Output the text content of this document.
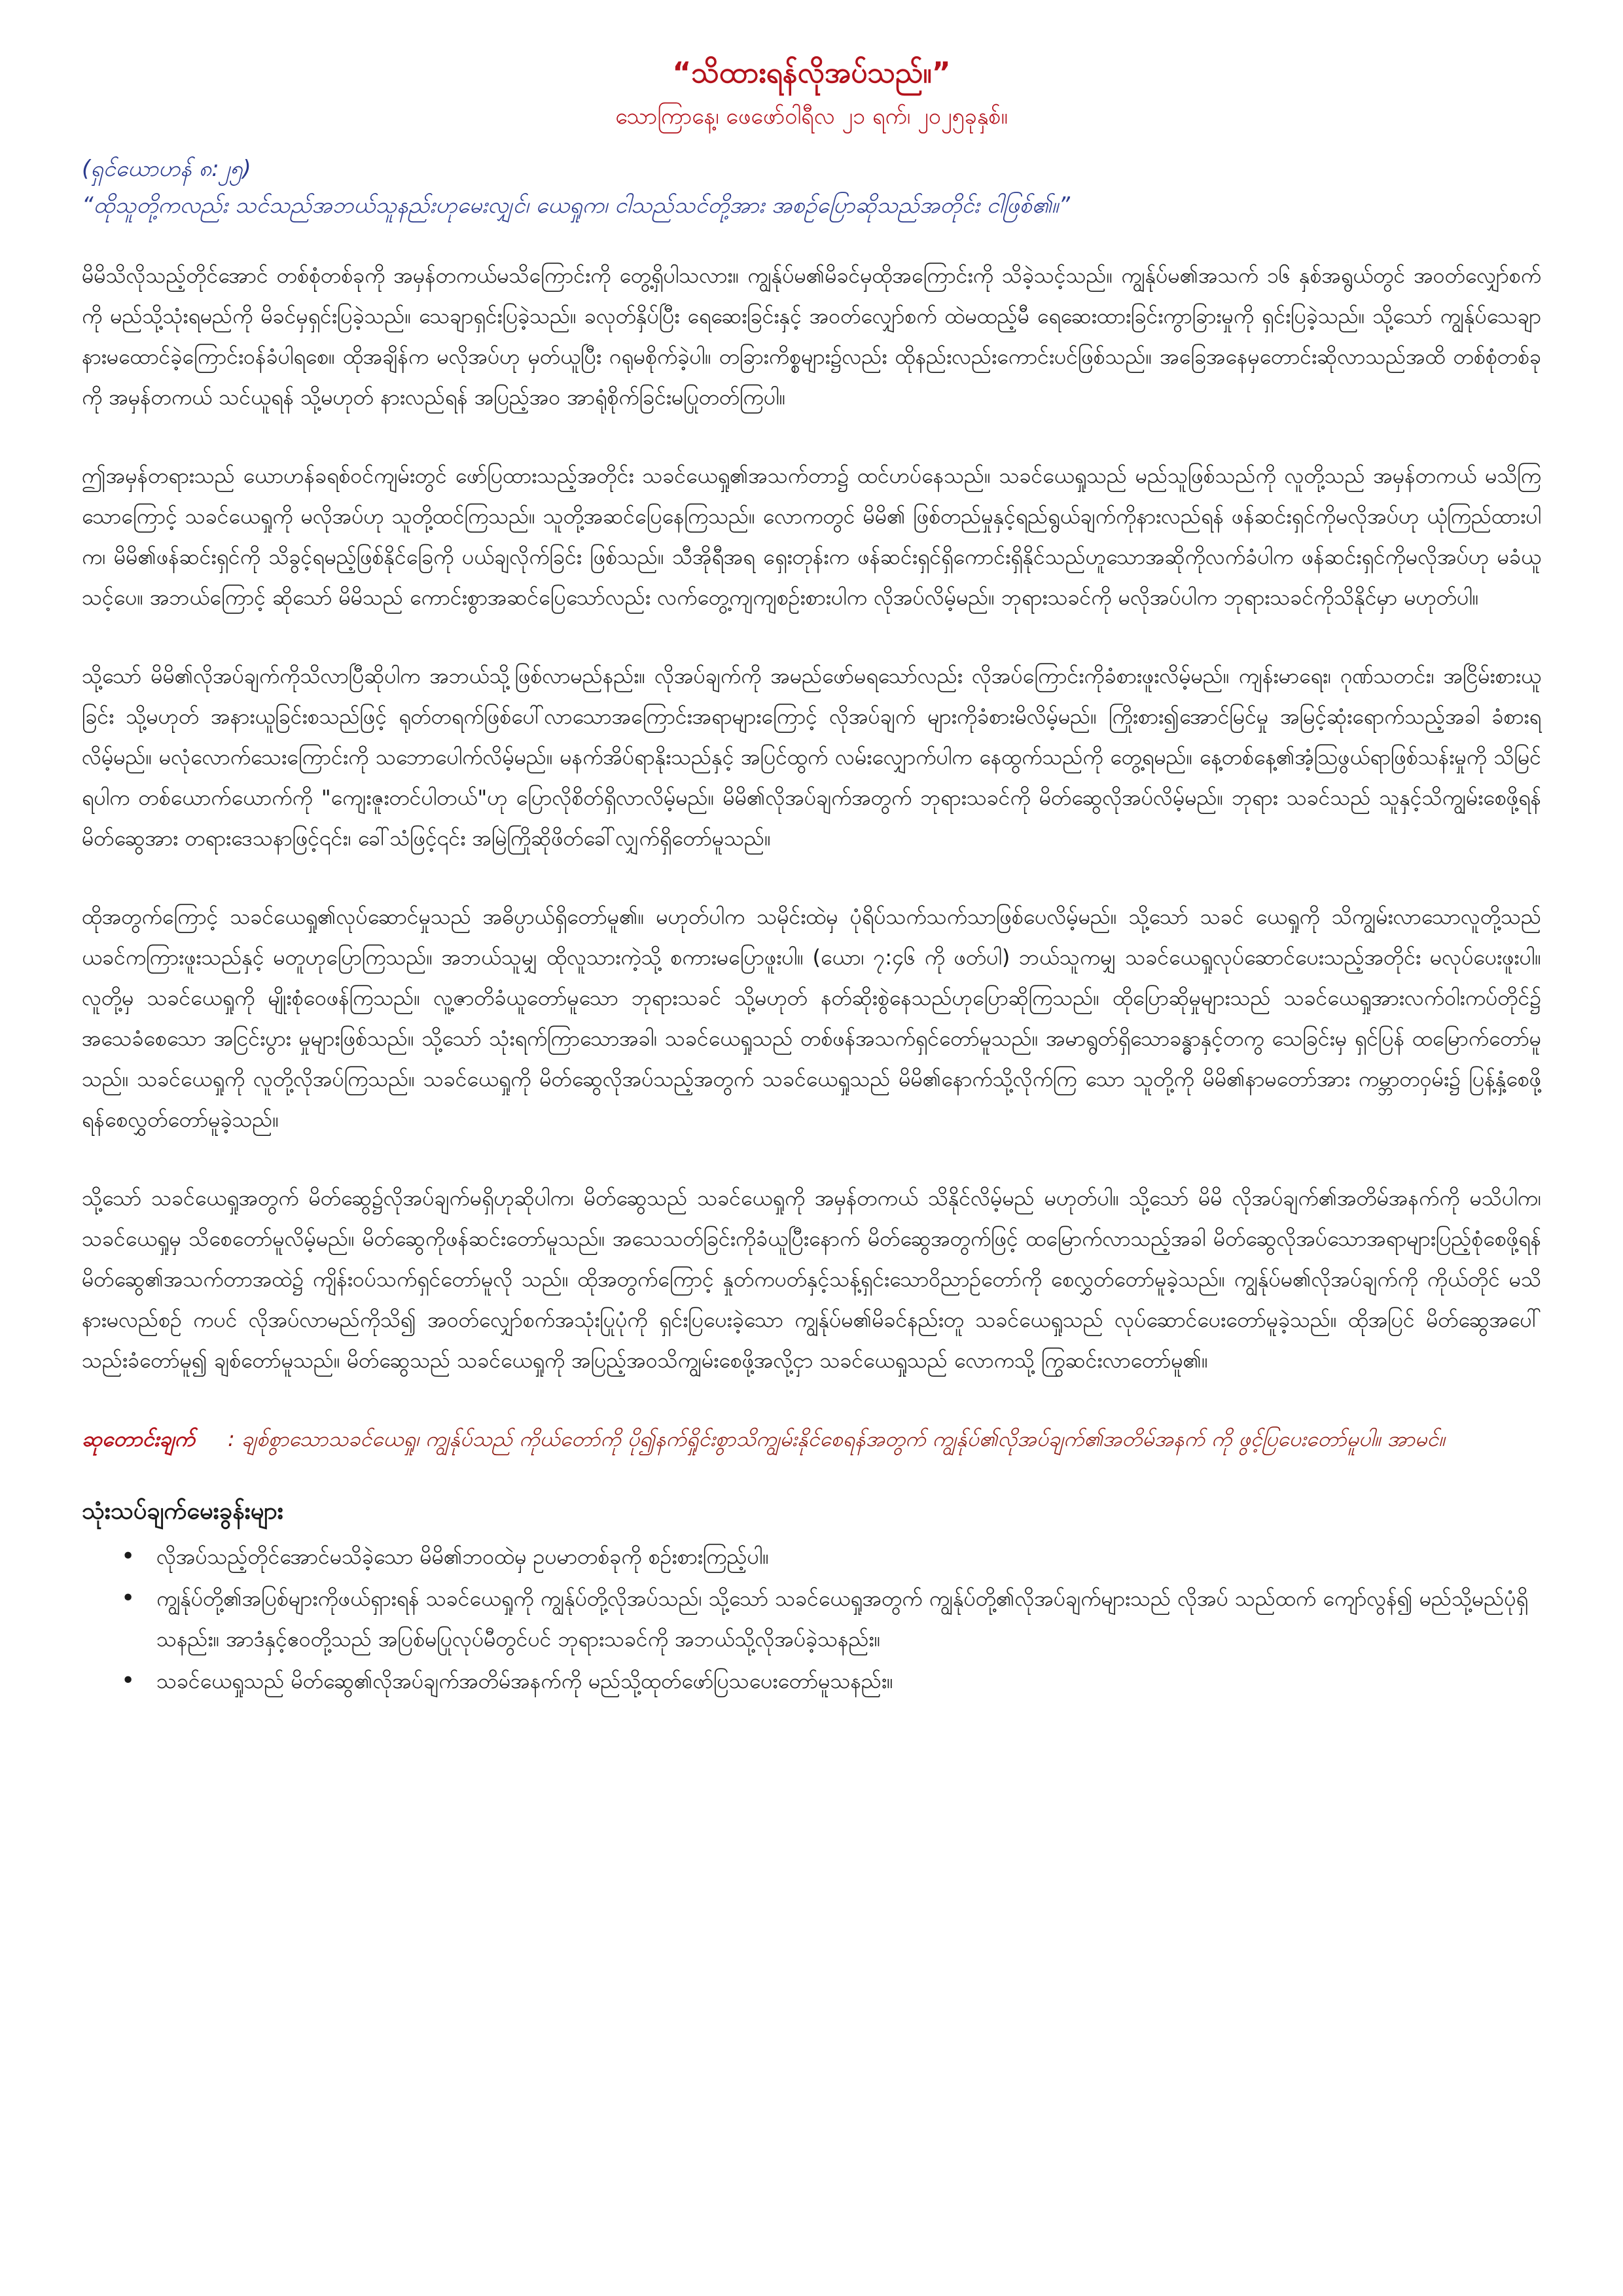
“သိထားရန်လိုအပ်သည်။”

သောကြာနေ့၊ ဖေဖော်ဝါရီလ ၂၁ ရက်၊ ၂၀၂၅ခုနှစ်။

(ရှင်ယောဟန် ၈:၂၅)

“ထိုသူတို့ကလည်း သင်သည်အဘယ်သူနည်းဟုမေးလျှင်၊ ယေရှုက၊ ငါသည်သင်တို့အား အစဉ်ပြောဆိုသည်အတိုင်း ငါဖြစ်၏။”

မိမိသိလိုသည့်တိုင်အောင် တစ်စုံတစ်ခုကို အမှန်တကယ်မသိကြောင်းကို တွေ့ရှိပါသလား။ ကျွန်ုပ်မ၏မိခင်မှထိုအကြောင်းကို သိခဲ့သင့်သည်။ ကျွန်ုပ်မ၏အသက် ၁၆ နှစ်အရွယ်တွင် အဝတ်လျှော်စက်ကို မည်သို့သုံးရမည်ကို မိခင်မှရှင်းပြခဲ့သည်။ သေချာရှင်းပြခဲ့သည်။ ခလုတ်နှိပ်ပြီး ရေဆေးခြင်းနှင့် အဝတ်လျှော်စက် ထဲမထည့်မီ ရေဆေးထားခြင်းကွာခြားမှုကို ရှင်းပြခဲ့သည်။ သို့သော် ကျွန်ုပ်သေချာနားမထောင်ခဲ့ကြောင်းဝန်ခံပါရစေ။ ထိုအချိန်က မလိုအပ်ဟု မှတ်ယူပြီး ဂရုမစိုက်ခဲ့ပါ။ တခြားကိစ္စများ၌လည်း ထိုနည်းလည်းကောင်းပင်ဖြစ်သည်။ အခြေအနေမှတောင်းဆိုလာသည်အထိ တစ်စုံတစ်ခုကို အမှန်တကယ် သင်ယူရန် သို့မဟုတ် နားလည်ရန် အပြည့်အဝ အာရုံစိုက်ခြင်းမပြုတတ်ကြပါ။

ဤအမှန်တရားသည် ယောဟန်ခရစ်ဝင်ကျမ်းတွင် ဖော်ပြထားသည့်အတိုင်း သခင်ယေရှု၏အသက်တာ၌ ထင်ဟပ်နေသည်။ သခင်ယေရှုသည် မည်သူဖြစ်သည်ကို လူတို့သည် အမှန်တကယ် မသိကြသောကြောင့် သခင်ယေရှုကို မလိုအပ်ဟု သူတို့ထင်ကြသည်။ သူတို့အဆင်ပြေနေကြသည်။ လောကတွင် မိမိ၏ ဖြစ်တည်မှုနှင့်ရည်ရွယ်ချက်ကိုနားလည်ရန် ဖန်ဆင်းရှင်ကိုမလိုအပ်ဟု ယုံကြည်ထားပါက၊ မိမိ၏ဖန်ဆင်းရှင်ကို သိခွင့်ရမည့်ဖြစ်နိုင်ခြေကို ပယ်ချလိုက်ခြင်း ဖြစ်သည်။ သီအိုရီအရ ရှေးတုန်းက ဖန်ဆင်းရှင်ရှိကောင်းရှိနိုင်သည်ဟူသောအဆိုကိုလက်ခံပါက ဖန်ဆင်းရှင်ကိုမလိုအပ်ဟု မခံယူသင့်ပေ။ အဘယ်ကြောင့် ဆိုသော် မိမိသည် ကောင်းစွာအဆင်ပြေသော်လည်း လက်တွေ့ကျကျစဉ်းစားပါက လိုအပ်လိမ့်မည်။ ဘုရားသခင်ကို မလိုအပ်ပါက ဘုရားသခင်ကိုသိနိုင်မှာ မဟုတ်ပါ။

သို့သော် မိမိ၏လိုအပ်ချက်ကိုသိလာပြီဆိုပါက အဘယ်သို့ဖြစ်လာမည်နည်း။ လိုအပ်ချက်ကို အမည်ဖော်မရသော်လည်း လိုအပ်ကြောင်းကိုခံစားဖူးလိမ့်မည်။ ကျန်းမာရေး၊ ဂုဏ်သတင်း၊ အငြိမ်းစားယူခြင်း သို့မဟုတ် အနားယူခြင်းစသည်ဖြင့် ရုတ်တရက်ဖြစ်ပေါ်လာသောအကြောင်းအရာများကြောင့် လိုအပ်ချက် များကိုခံစားမိလိမ့်မည်။ ကြိုးစား၍အောင်မြင်မှု အမြင့်ဆုံးရောက်သည့်အခါ ခံစားရလိမ့်မည်။ မလုံလောက်သေးကြောင်းကို သဘောပေါက်လိမ့်မည်။ မနက်အိပ်ရာနိုးသည်နှင့် အပြင်ထွက် လမ်းလျှောက်ပါက နေထွက်သည်ကို တွေ့ရမည်။ နေ့တစ်နေ့၏အံ့သြဖွယ်ရာဖြစ်သန်းမှုကို သိမြင်ရပါက တစ်ယောက်ယောက်ကို "ကျေးဇူးတင်ပါတယ်"ဟု ပြောလိုစိတ်ရှိလာလိမ့်မည်။ မိမိ၏လိုအပ်ချက်အတွက် ဘုရားသခင်ကို မိတ်ဆွေလိုအပ်လိမ့်မည်။ ဘုရား သခင်သည် သူနှင့်သိကျွမ်းစေဖို့ရန် မိတ်ဆွေအား တရားဒေသနာဖြင့်၎င်း၊ ခေါ်သံဖြင့်၎င်း အမြဲကြိုဆိုဖိတ်ခေါ်လျှက်ရှိတော်မူသည်။

ထိုအတွက်ကြောင့် သခင်ယေရှု၏လုပ်ဆောင်မှုသည် အဓိပ္ပာယ်ရှိတော်မူ၏။ မဟုတ်ပါက သမိုင်းထဲမှ ပုံရိပ်သက်သက်သာဖြစ်ပေလိမ့်မည်။ သို့သော် သခင် ယေရှုကို သိကျွမ်းလာသောလူတို့သည် ယခင်ကကြားဖူးသည်နှင့် မတူဟုပြောကြသည်။ အဘယ်သူမျှ ထိုလူသားကဲ့သို့ စကားမပြောဖူးပါ။ (ယော၊ ၇:၄၆ ကို ဖတ်ပါ) ဘယ်သူကမျှ သခင်ယေရှုလုပ်ဆောင်ပေးသည့်အတိုင်း မလုပ်ပေးဖူးပါ။ လူတို့မှ သခင်ယေရှုကို မျိုးစုံဝေဖန်ကြသည်။ လူ့ဇာတိခံယူတော်မူသော ဘုရားသခင် သို့မဟုတ် နတ်ဆိုးစွဲနေသည်ဟုပြောဆိုကြသည်။ ထိုပြောဆိုမှုများသည် သခင်ယေရှုအားလက်ဝါးကပ်တိုင်၌ အသေခံစေသော အငြင်းပွား မှုများဖြစ်သည်။ သို့သော် သုံးရက်ကြာသောအခါ၊ သခင်ယေရှုသည် တစ်ဖန်အသက်ရှင်တော်မူသည်။ အမာရွတ်ရှိသောခန္ဓာနှင့်တကွ သေခြင်းမှ ရှင်ပြန် ထမြောက်တော်မူသည်။ သခင်ယေရှုကို လူတို့လိုအပ်ကြသည်။ သခင်ယေရှုကို မိတ်ဆွေလိုအပ်သည့်အတွက် သခင်ယေရှုသည် မိမိ၏နောက်သို့လိုက်ကြ သော သူတို့ကို မိမိ၏နာမတော်အား ကမ္ဘာတဝှမ်း၌ ပြန့်နှံ့စေဖို့ရန်စေလွှတ်တော်မူခဲ့သည်။

သို့သော် သခင်ယေရှုအတွက် မိတ်ဆွေ၌လိုအပ်ချက်မရှိဟုဆိုပါက၊ မိတ်ဆွေသည် သခင်ယေရှုကို အမှန်တကယ် သိနိုင်လိမ့်မည် မဟုတ်ပါ။ သို့သော် မိမိ လိုအပ်ချက်၏အတိမ်အနက်ကို မသိပါက၊ သခင်ယေရှုမှ သိစေတော်မူလိမ့်မည်။ မိတ်ဆွေကိုဖန်ဆင်းတော်မူသည်။ အသေသတ်ခြင်းကိုခံယူပြီးနောက် မိတ်ဆွေအတွက်ဖြင့် ထမြောက်လာသည့်အခါ မိတ်ဆွေလိုအပ်သောအရာများပြည့်စုံစေဖို့ရန် မိတ်ဆွေ၏အသက်တာအထဲ၌ ကျိန်းဝပ်သက်ရှင်တော်မူလို သည်။ ထိုအတွက်ကြောင့် နှုတ်ကပတ်နှင့်သန့်ရှင်းသောဝိညာဉ်တော်ကို စေလွှတ်တော်မူခဲ့သည်။ ကျွန်ုပ်မ၏လိုအပ်ချက်ကို ကိုယ်တိုင် မသိနားမလည်စဉ် ကပင် လိုအပ်လာမည်ကိုသိ၍ အဝတ်လျှော်စက်အသုံးပြုပုံကို ရှင်းပြပေးခဲ့သော ကျွန်ုပ်မ၏မိခင်နည်းတူ သခင်ယေရှုသည် လုပ်ဆောင်ပေးတော်မူခဲ့သည်။ ထိုအပြင် မိတ်ဆွေအပေါ်သည်းခံတော်မူ၍ ချစ်တော်မူသည်။ မိတ်ဆွေသည် သခင်ယေရှုကို အပြည့်အဝသိကျွမ်းစေဖို့အလို့ငှာ သခင်ယေရှုသည် လောကသို့ ကြွဆင်းလာတော်မူ၏။

ဆုတောင်းချက် : ချစ်စွာသောသခင်ယေရှု၊ ကျွန်ုပ်သည် ကိုယ်တော်ကို ပို၍နက်ရှိုင်းစွာသိကျွမ်းနိုင်စေရန်အတွက် ကျွန်ုပ်၏လိုအပ်ချက်၏အတိမ်အနက် ကို ဖွင့်ပြပေးတော်မူပါ။ အာမင်။

သုံးသပ်ချက်မေးခွန်းများ
• လိုအပ်သည့်တိုင်အောင်မသိခဲ့သော မိမိ၏ဘဝထဲမှ ဥပမာတစ်ခုကို စဉ်းစားကြည့်ပါ။
• ကျွန်ုပ်တို့၏အပြစ်များကိုဖယ်ရှားရန် သခင်ယေရှုကို ကျွန်ုပ်တို့လိုအပ်သည်၊ သို့သော် သခင်ယေရှုအတွက် ကျွန်ုပ်တို့၏လိုအပ်ချက်များသည် လိုအပ် သည်ထက် ကျော်လွန်၍ မည်သို့မည်ပုံရှိသနည်း။ အာဒံနှင့်ဧဝတို့သည် အပြစ်မပြုလုပ်မီတွင်ပင် ဘုရားသခင်ကို အဘယ်သို့လိုအပ်ခဲ့သနည်း။
• သခင်ယေရှုသည် မိတ်ဆွေ၏လိုအပ်ချက်အတိမ်အနက်ကို မည်သို့ထုတ်ဖော်ပြသပေးတော်မူသနည်း။
